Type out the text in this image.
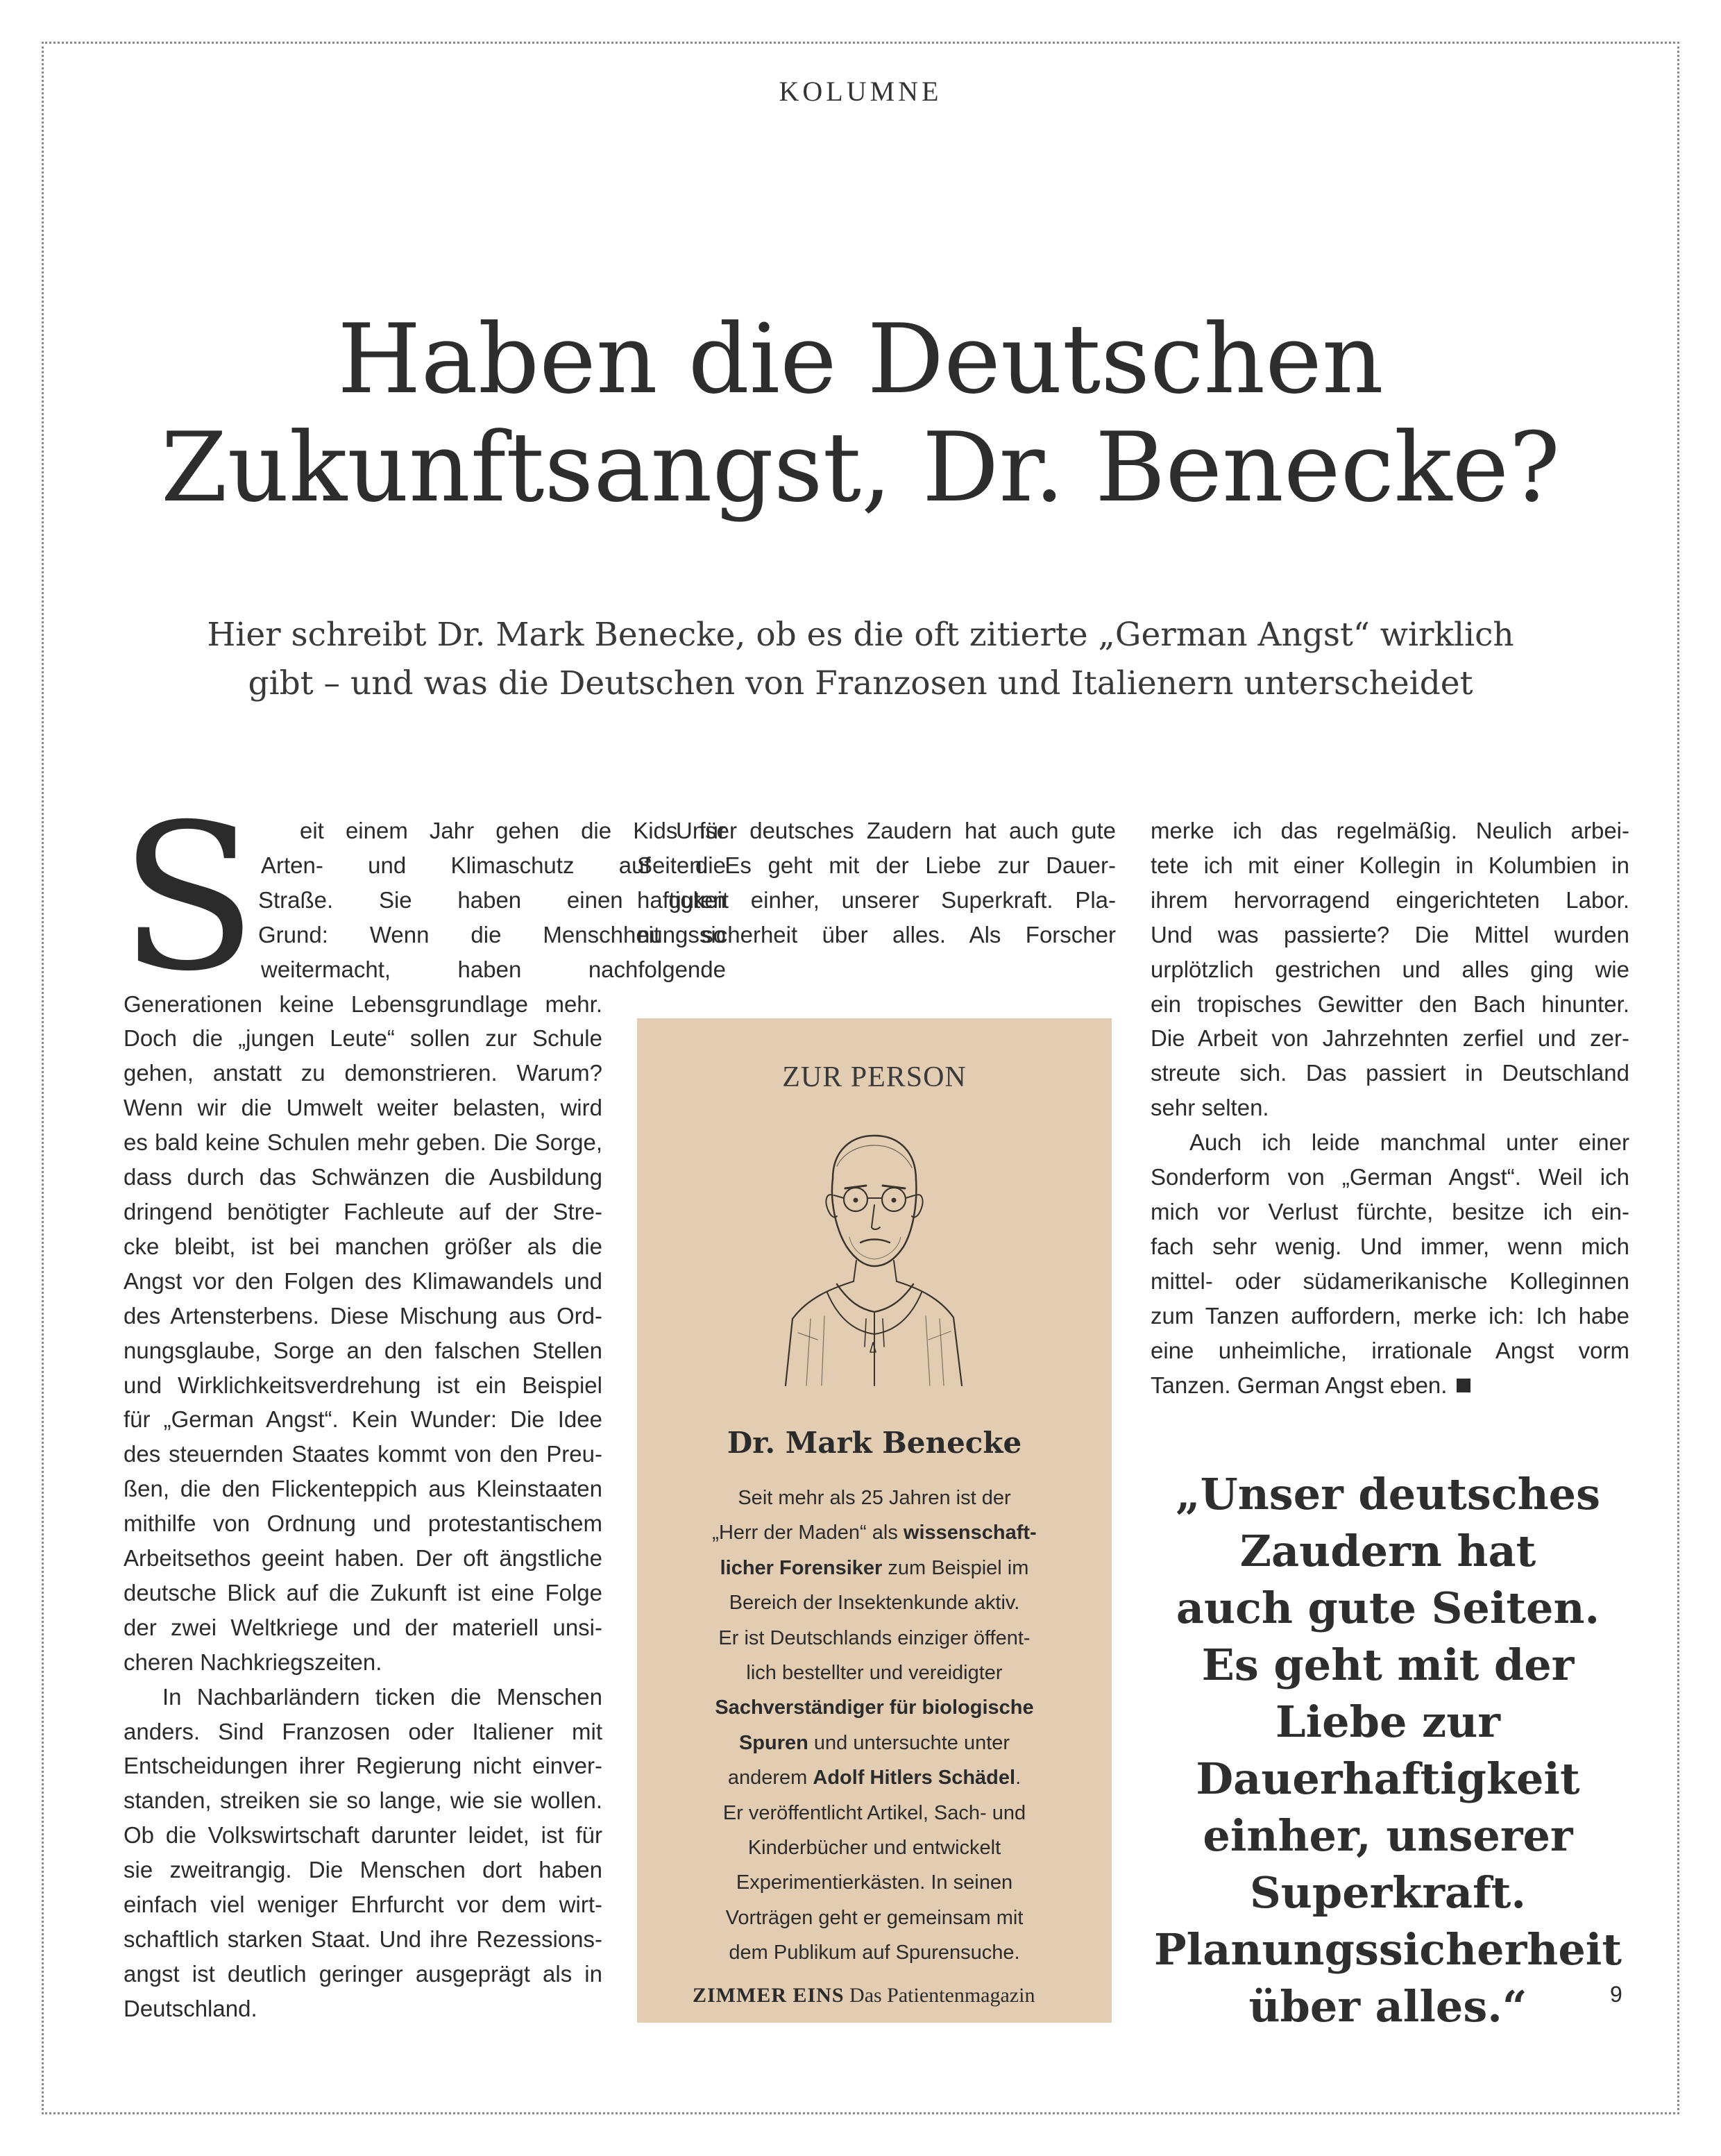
KOLUMNE
Haben die Deutschen
Zukunftsangst, Dr. Benecke?
Hier schreibt Dr. Mark Benecke, ob es die oft zitierte „German Angst“ wirklich
gibt – und was die Deutschen von Franzosen und Italienern unterscheidet
S eit einem Jahr gehen die Kids für
Arten- und Klimaschutz auf die
Straße. Sie haben einen guten
Grund: Wenn die Menschheit so
weitermacht, haben nachfolgende
Generationen keine Lebensgrundlage mehr.
Doch die „jungen Leute“ sollen zur Schule
gehen, anstatt zu demonstrieren. Warum?
Wenn wir die Umwelt weiter belasten, wird
es bald keine Schulen mehr geben. Die Sorge,
dass durch das Schwänzen die Ausbildung
dringend benötigter Fachleute auf der Stre-
cke bleibt, ist bei manchen größer als die
Angst vor den Folgen des Klimawandels und
des Artensterbens. Diese Mischung aus Ord-
nungsglaube, Sorge an den falschen Stellen
und Wirklichkeitsverdrehung ist ein Beispiel
für „German Angst“. Kein Wunder: Die Idee
des steuernden Staates kommt von den Preu-
ßen, die den Flickenteppich aus Kleinstaaten
mithilfe von Ordnung und protestantischem
Arbeitsethos geeint haben. Der oft ängstliche
deutsche Blick auf die Zukunft ist eine Folge
der zwei Weltkriege und der materiell unsi-
cheren Nachkriegszeiten.
In Nachbarländern ticken die Menschen
anders. Sind Franzosen oder Italiener mit
Entscheidungen ihrer Regierung nicht einver-
standen, streiken sie so lange, wie sie wollen.
Ob die Volkswirtschaft darunter leidet, ist für
sie zweitrangig. Die Menschen dort haben
einfach viel weniger Ehrfurcht vor dem wirt-
schaftlich starken Staat. Und ihre Rezessions-
angst ist deutlich geringer ausgeprägt als in
Deutschland.
Unser deutsches Zaudern hat auch gute
Seiten. Es geht mit der Liebe zur Dauer-
haftigkeit einher, unserer Superkraft. Pla-
nungssicherheit über alles. Als Forscher
merke ich das regelmäßig. Neulich arbei-
tete ich mit einer Kollegin in Kolumbien in
ihrem hervorragend eingerichteten Labor.
Und was passierte? Die Mittel wurden
urplötzlich gestrichen und alles ging wie
ein tropisches Gewitter den Bach hinunter.
Die Arbeit von Jahrzehnten zerfiel und zer-
streute sich. Das passiert in Deutschland
sehr selten.
Auch ich leide manchmal unter einer
Sonderform von „German Angst“. Weil ich
mich vor Verlust fürchte, besitze ich ein-
fach sehr wenig. Und immer, wenn mich
mittel- oder südamerikanische Kolleginnen
zum Tanzen auffordern, merke ich: Ich habe
eine unheimliche, irrationale Angst vorm
Tanzen. German Angst eben.
ZUR PERSON
Dr. Mark Benecke
Seit mehr als 25 Jahren ist der
„Herr der Maden“ als wissenschaft-
licher Forensiker zum Beispiel im
Bereich der Insektenkunde aktiv.
Er ist Deutschlands einziger öffent-
lich bestellter und vereidigter
Sachverständiger für biologische
Spuren und untersuchte unter
anderem Adolf Hitlers Schädel.
Er veröffentlicht Artikel, Sach- und
Kinderbücher und entwickelt
Experimentierkästen. In seinen
Vorträgen geht er gemeinsam mit
dem Publikum auf Spurensuche.
„Unser deutsches
Zaudern hat
auch gute Seiten.
Es geht mit der
Liebe zur
Dauerhaftigkeit
einher, unserer
Superkraft.
Planungssicherheit
über alles.“
ZIMMER EINS Das Patientenmagazin	9
